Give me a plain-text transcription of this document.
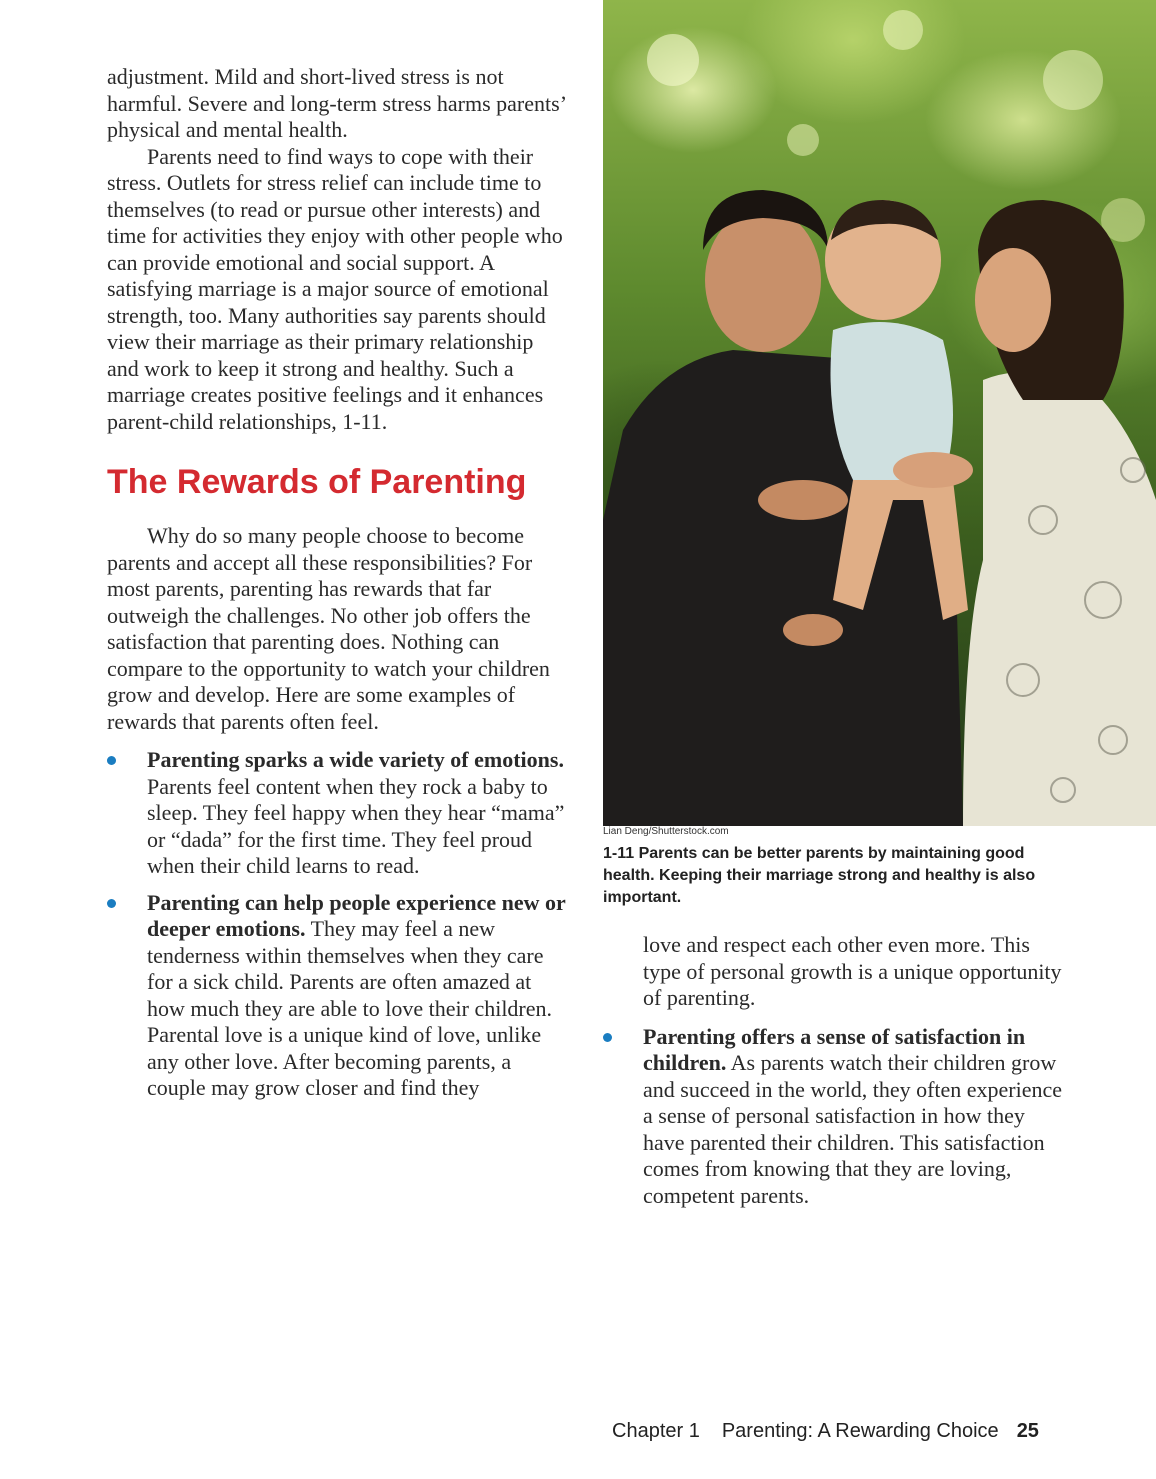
adjustment. Mild and short-lived stress is not harmful. Severe and long-term stress harms parents’ physical and mental health.

Parents need to find ways to cope with their stress. Outlets for stress relief can include time to themselves (to read or pursue other interests) and time for activities they enjoy with other people who can provide emotional and social support. A satisfying marriage is a major source of emotional strength, too. Many authorities say parents should view their marriage as their primary relationship and work to keep it strong and healthy. Such a marriage creates positive feelings and it enhances parent-child relationships, 1-11.

The Rewards of Parenting

Why do so many people choose to become parents and accept all these responsibilities? For most parents, parenting has rewards that far outweigh the challenges. No other job offers the satisfaction that parenting does. Nothing can compare to the opportunity to watch your children grow and develop. Here are some examples of rewards that parents often feel.

Parenting sparks a wide variety of emotions. Parents feel content when they rock a baby to sleep. They feel happy when they hear “mama” or “dada” for the first time. They feel proud when their child learns to read.
Parenting can help people experience new or deeper emotions. They may feel a new tenderness within themselves when they care for a sick child. Parents are often amazed at how much they are able to love their children. Parental love is a unique kind of love, unlike any other love. After becoming parents, a couple may grow closer and find they
Lian Deng/Shutterstock.com
1-11 Parents can be better parents by maintaining good health. Keeping their marriage strong and healthy is also important.

love and respect each other even more. This type of personal growth is a unique opportunity of parenting.

Parenting offers a sense of satisfaction in children. As parents watch their children grow and succeed in the world, they often experience a sense of personal satisfaction in how they have parented their children. This satisfaction comes from knowing that they are loving, competent parents.
Chapter 1 Parenting: A Rewarding Choice 25
